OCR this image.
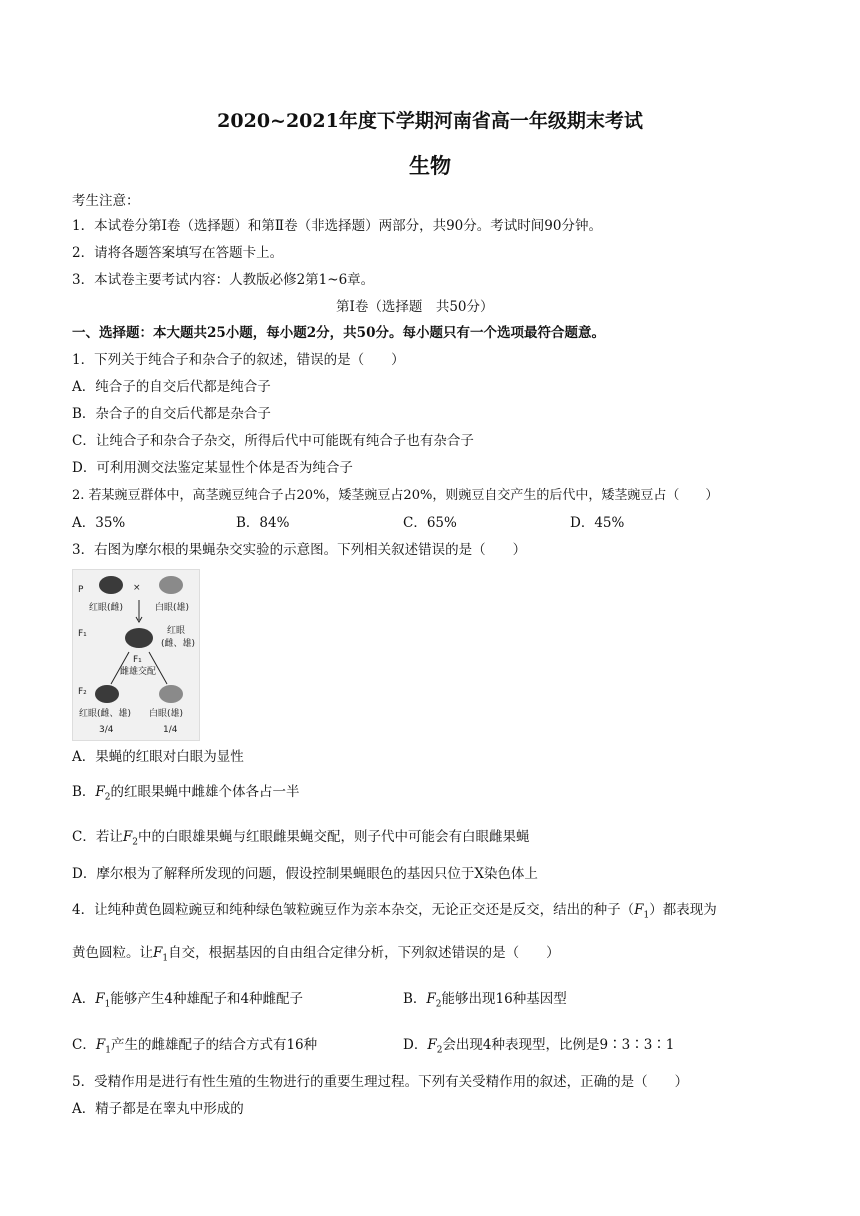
2020~2021年度下学期河南省高一年级期末考试
生物
考生注意：
1．本试卷分第Ⅰ卷（选择题）和第Ⅱ卷（非选择题）两部分，共90分。考试时间90分钟。
2．请将各题答案填写在答题卡上。
3．本试卷主要考试内容：人教版必修2第1~6章。
第Ⅰ卷（选择题　共50分）
一、选择题：本大题共25小题，每小题2分，共50分。每小题只有一个选项最符合题意。
1．下列关于纯合子和杂合子的叙述，错误的是（　　）
A．纯合子的自交后代都是纯合子
B．杂合子的自交后代都是杂合子
C．让纯合子和杂合子杂交，所得后代中可能既有纯合子也有杂合子
D．可利用测交法鉴定某显性个体是否为纯合子
2. 若某豌豆群体中，高茎豌豆纯合子占20%，矮茎豌豆占20%，则豌豆自交产生的后代中，矮茎豌豆占（　　）
A．35%	B．84%	C．65%	D．45%
3．右图为摩尔根的果蝇杂交实验的示意图。下列相关叙述错误的是（　　）
P	×
红眼(雌)	白眼(雄)
F₁	红眼
(雌、雄)
F₁
雌雄交配
F₂
红眼(雌、雄) 白眼(雄)
3/4	1/4
A．果蝇的红眼对白眼为显性
B．$F_2$的红眼果蝇中雌雄个体各占一半
C．若让$F_2$中的白眼雄果蝇与红眼雌果蝇交配，则子代中可能会有白眼雌果蝇
D．摩尔根为了解释所发现的问题，假设控制果蝇眼色的基因只位于X染色体上
4．让纯种黄色圆粒豌豆和纯种绿色皱粒豌豆作为亲本杂交，无论正交还是反交，结出的种子$(F_1)$都表现为
黄色圆粒。让$F_1$自交，根据基因的自由组合定律分析，下列叙述错误的是（　　）
A．$F_1$能够产生4种雄配子和4种雌配子	B．$F_2$能够出现16种基因型
C．$F_1$产生的雌雄配子的结合方式有16种	D．$F_2$会出现4种表现型，比例是9∶3∶3∶1
5．受精作用是进行有性生殖的生物进行的重要生理过程。下列有关受精作用的叙述，正确的是（　　）
A．精子都是在睾丸中形成的
